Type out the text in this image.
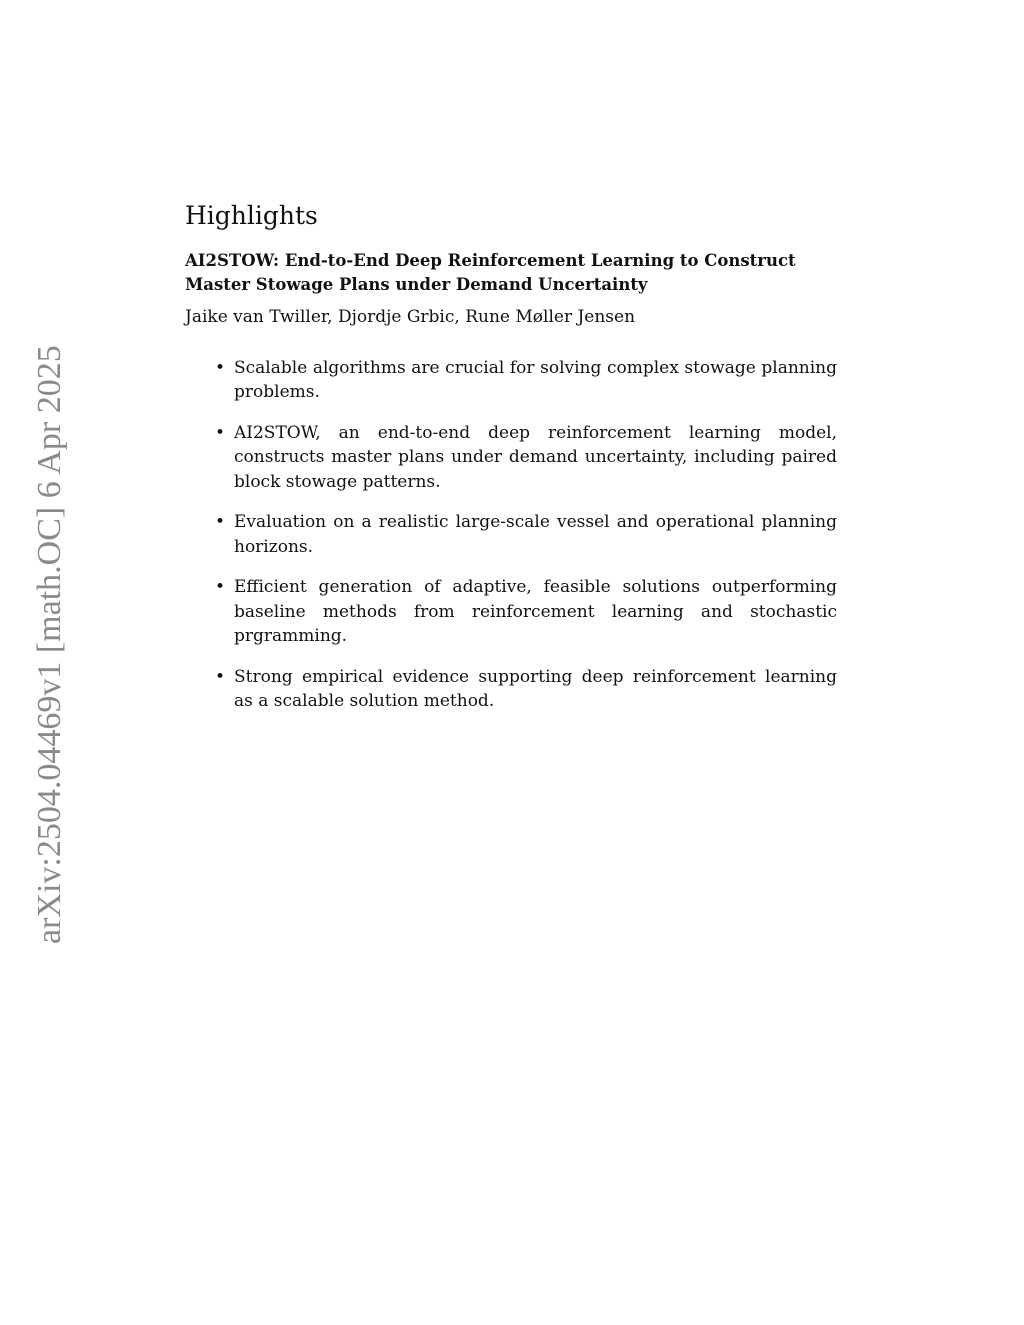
arXiv:2504.04469v1 [math.OC] 6 Apr 2025
Highlights
AI2STOW: End-to-End Deep Reinforcement Learning to Construct Master Stowage Plans under Demand Uncertainty
Jaike van Twiller, Djordje Grbic, Rune Møller Jensen
• Scalable algorithms are crucial for solving complex stowage planning problems.
• AI2STOW, an end-to-end deep reinforcement learning model, constructs master plans under demand uncertainty, including paired block stowage patterns.
• Evaluation on a realistic large-scale vessel and operational planning horizons.
• Efficient generation of adaptive, feasible solutions outperforming baseline methods from reinforcement learning and stochastic prgramming.
• Strong empirical evidence supporting deep reinforcement learning as a scalable solution method.
